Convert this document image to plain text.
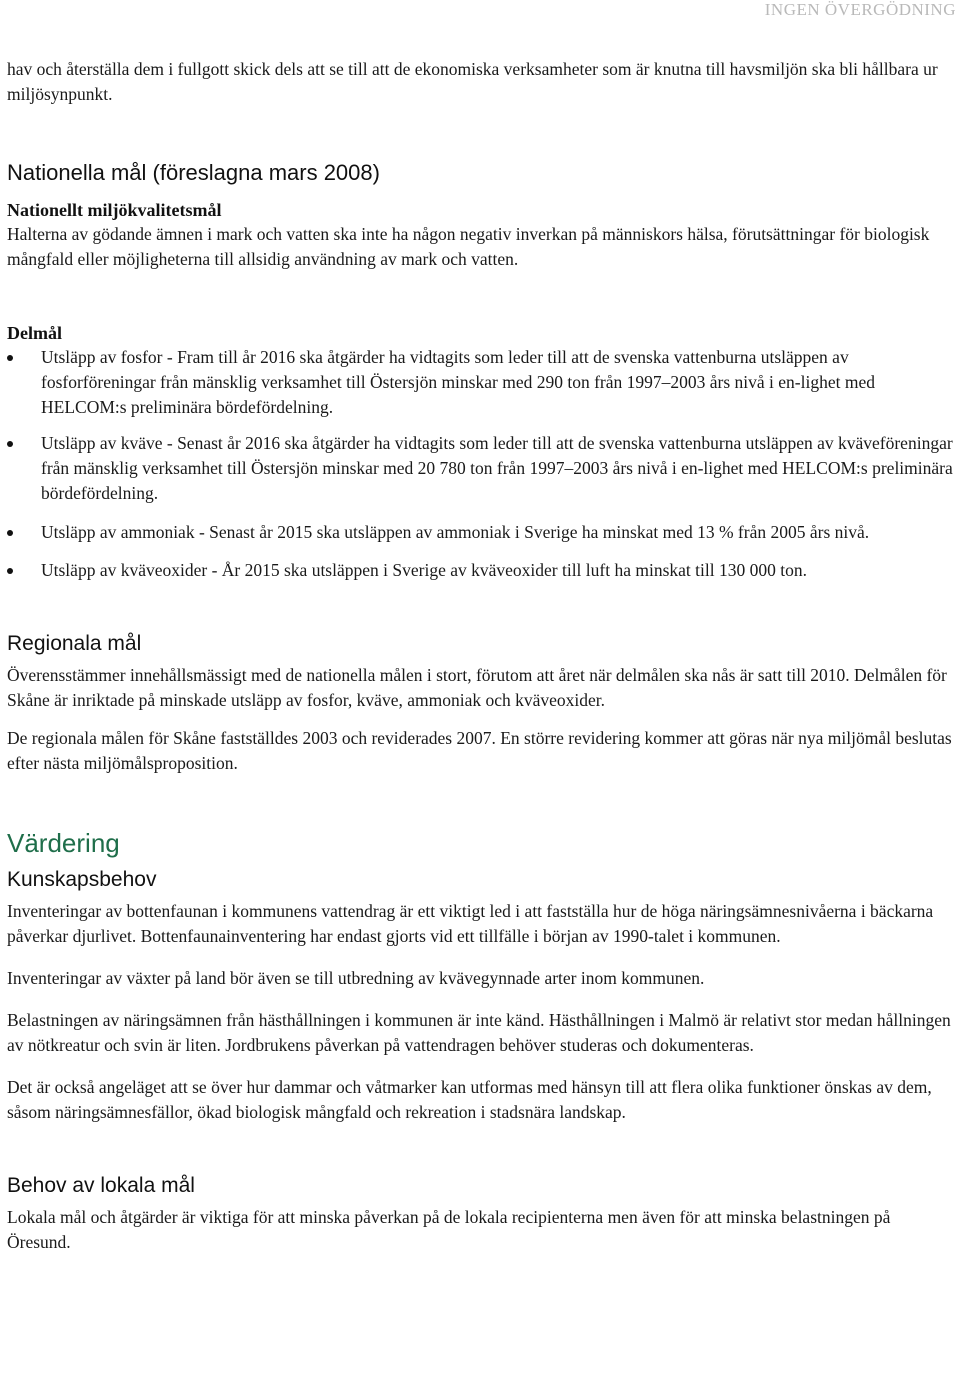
INGEN ÖVERGÖDNING

hav och återställa dem i fullgott skick dels att se till att de ekonomiska verksamheter som är knutna till havsmiljön ska bli hållbara ur miljösynpunkt.

Nationella mål (föreslagna mars 2008)
Nationellt miljökvalitetsmål

Halterna av gödande ämnen i mark och vatten ska inte ha någon negativ inverkan på människors hälsa, förutsättningar för biologisk mångfald eller möjligheterna till allsidig användning av mark och vatten.

Delmål
Utsläpp av fosfor - Fram till år 2016 ska åtgärder ha vidtagits som leder till att de svenska vattenburna utsläppen av fosforföreningar från mänsklig verksamhet till Östersjön minskar med 290 ton från 1997–2003 års nivå i en-lighet med HELCOM:s preliminära bördefördelning.
Utsläpp av kväve - Senast år 2016 ska åtgärder ha vidtagits som leder till att de svenska vattenburna utsläppen av kväveföreningar från mänsklig verksamhet till Östersjön minskar med 20 780 ton från 1997–2003 års nivå i en-lighet med HELCOM:s preliminära bördefördelning.
Utsläpp av ammoniak - Senast år 2015 ska utsläppen av ammoniak i Sverige ha minskat med 13 % från 2005 års nivå.
Utsläpp av kväveoxider - År 2015 ska utsläppen i Sverige av kväveoxider till luft ha minskat till 130 000 ton.
Regionala mål

Överensstämmer innehållsmässigt med de nationella målen i stort, förutom att året när delmålen ska nås är satt till 2010. Delmålen för Skåne är inriktade på minskade utsläpp av fosfor, kväve, ammoniak och kväveoxider.

De regionala målen för Skåne fastställdes 2003 och reviderades 2007. En större revidering kommer att göras när nya miljömål beslutas efter nästa miljömålsproposition.

Värdering
Kunskapsbehov

Inventeringar av bottenfaunan i kommunens vattendrag är ett viktigt led i att fastställa hur de höga näringsämnesnivåerna i bäckarna påverkar djurlivet. Bottenfaunainventering har endast gjorts vid ett tillfälle i början av 1990-talet i kommunen.

Inventeringar av växter på land bör även se till utbredning av kvävegynnade arter inom kommunen.

Belastningen av näringsämnen från hästhållningen i kommunen är inte känd. Hästhållningen i Malmö är relativt stor medan hållningen av nötkreatur och svin är liten. Jordbrukens påverkan på vattendragen behöver studeras och dokumenteras.

Det är också angeläget att se över hur dammar och våtmarker kan utformas med hänsyn till att flera olika funktioner önskas av dem, såsom näringsämnesfällor, ökad biologisk mångfald och rekreation i stadsnära landskap.

Behov av lokala mål

Lokala mål och åtgärder är viktiga för att minska påverkan på de lokala recipienterna men även för att minska belastningen på Öresund.
